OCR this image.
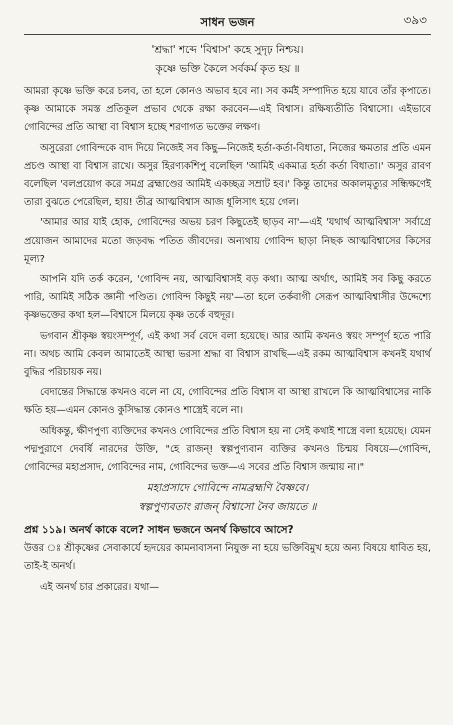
সাধন ভজন	৩৯৩
'শ্রদ্ধা' শব্দে 'বিশ্বাস' কহে সুদৃঢ় নিশ্চয়।
কৃষ্ণে ভক্তি কৈলে সর্বকর্ম কৃত হয় ॥

আমরা কৃষ্ণে ভক্তি করে চলব, তা হলে কোনও অভাব হবে না। সব কর্মই সম্পাদিত হয়ে যাবে তাঁর কৃপাতে। কৃষ্ণ আমাকে সমস্ত প্রতিকূল প্রভাব থেকে রক্ষা করবেন—এই বিশ্বাস। রক্ষিষ্যতীতি বিশ্বাসো। এইভাবে গোবিন্দের প্রতি আস্থা বা বিশ্বাস হচ্ছে শরণাগত ভক্তের লক্ষণ।

অসুরেরা গোবিন্দকে বাদ দিয়ে নিজেই সব কিছু—নিজেই হর্তা-কর্তা-বিধাতা, নিজের ক্ষমতার প্রতি এমন প্রচণ্ড আস্থা বা বিশ্বাস রাখে। অসুর হিরণ্যকশিপু বলেছিল 'আমিই একমাত্র হর্তা কর্তা বিধাতা।' অসুর রাবণ বলেছিল 'বলপ্রয়োগ করে সমগ্র ব্রহ্মাণ্ডের আমিই একচ্ছত্র সম্রাট হব।' কিন্তু তাদের অকালমৃত্যুর সন্ধিক্ষণেই তারা বুঝতে পেরেছিল, হায়! তীব্র আত্মবিশ্বাস আজ ধূলিসাৎ হয়ে গেল।

'আমার আর যাই হোক, গোবিন্দের অভয় চরণ কিছুতেই ছাড়ব না'—এই 'যথার্থ আত্মবিশ্বাস' সর্বাগ্রে প্রয়োজন আমাদের মতো জড়বদ্ধ পতিত জীবদের। অন্যথায় গোবিন্দ ছাড়া নিছক আত্মবিশ্বাসের কিসের মূল্য?

আপনি যদি তর্ক করেন, 'গোবিন্দ নয়, আত্মবিশ্বাসই বড় কথা। আত্ম অর্থাৎ, আমিই সব কিছু করতে পারি, আমিই সঠিক জ্ঞানী পণ্ডিত। গোবিন্দ কিছুই নয়'—তা হলে তর্কবাগী সেরূপ আত্মবিশ্বাসীর উদ্দেশ্যে কৃষ্ণভক্তের কথা হল—বিশ্বাসে মিলয়ে কৃষ্ণ তর্কে বহুদূর।

ভগবান শ্রীকৃষ্ণ স্বয়ংসম্পূর্ণ, এই কথা সর্ব বেদে বলা হয়েছে। আর আমি কখনও স্বয়ং সম্পূর্ণ হতে পারি না। অথচ আমি কেবল আমাতেই আস্থা ভরসা শ্রদ্ধা বা বিশ্বাস রাখছি—এই রকম আত্মবিশ্বাস কখনই যথার্থ বুদ্ধির পরিচায়ক নয়।

বেদান্তের সিদ্ধান্তে কখনও বলে না যে, গোবিন্দের প্রতি বিশ্বাস বা আস্থা রাখলে কি আত্মবিশ্বাসের নাকি ক্ষতি হয়—এমন কোনও কুসিদ্ধান্ত কোনও শাস্ত্রেই বলে না।

অধিকন্তু, ক্ষীণপুণ্য ব্যক্তিদের কখনও গোবিন্দের প্রতি বিশ্বাস হয় না সেই কথাই শাস্ত্রে বলা হয়েছে। যেমন পদ্মপুরাণে দেবর্ষি নারদের উক্তি, "হে রাজন্! স্বল্পপুণ্যবান ব্যক্তির কখনও চিন্ময় বিষয়ে—গোবিন্দ, গোবিন্দের মহাপ্রসাদ, গোবিন্দের নাম, গোবিন্দের ভক্ত—এ সবের প্রতি বিশ্বাস জন্মায় না।"

মহাপ্রসাদে গোবিন্দে নামব্রহ্মণি বৈষ্ণবে।
স্বল্পপুণ্যবতাং রাজন্ বিশ্বাসো নৈব জায়তে ॥

প্রশ্ন ১১৯। অনর্থ কাকে বলে? সাধন ভজনে অনর্থ কিভাবে আসে?

উত্তর ঃ শ্রীকৃষ্ণের সেবাকার্যে হৃদয়ের কামনাবাসনা নিযুক্ত না হয়ে ভক্তিবিমুখ হয়ে অন্য বিষয়ে ধাবিত হয়, তাই-ই অনর্থ।

এই অনর্থ চার প্রকারের। যথা—
